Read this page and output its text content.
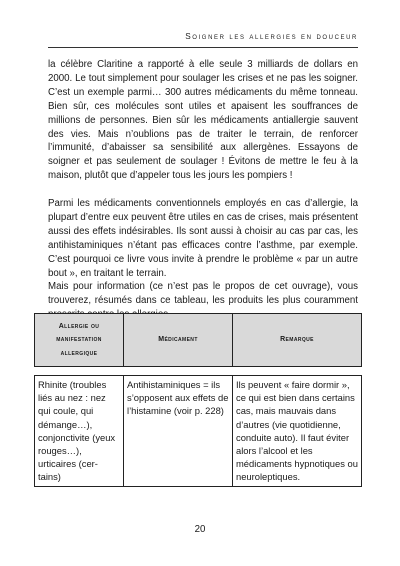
Soigner les allergies en douceur

la célèbre Claritine a rapporté à elle seule 3 milliards de dollars en 2000. Le tout simplement pour soulager les crises et ne pas les soigner. C’est un exemple parmi… 300 autres médicaments du même tonneau. Bien sûr, ces molécules sont utiles et apaisent les souffrances de millions de personnes. Bien sûr les médicaments antiallergie sauvent des vies. Mais n’oublions pas de traiter le terrain, de renforcer l’immunité, d’abaisser sa sensibilité aux allergènes. Essayons de soigner et pas seulement de soulager ! Évitons de mettre le feu à la maison, plutôt que d’appeler tous les jours les pompiers !

Parmi les médicaments conventionnels employés en cas d’allergie, la plupart d’entre eux peuvent être utiles en cas de crises, mais présentent aussi des effets indésirables. Ils sont aussi à choisir au cas par cas, les antihistaminiques n’étant pas efficaces contre l’asthme, par exemple. C’est pourquoi ce livre vous invite à prendre le problème « par un autre bout », en traitant le terrain.

Mais pour information (ce n’est pas le propos de cet ouvrage), vous trouverez, résumés dans ce tableau, les produits les plus couramment

Allergie ou manifestation allergique	Médicament	Remarque

Rhinite (troubles liés au nez : nez qui coule, qui démange…), conjonctivite (yeux rouges…), urticaires (cer-tains)	Antihistaminiques = ils s’opposent aux effets de l’histamine (voir p. 228)	Ils peuvent « faire dormir », ce qui est bien dans certains cas, mais mauvais dans d’autres (vie quotidienne, conduite auto). Il faut éviter alors l’alcool et les médicaments hypnotiques ou neuroleptiques.
20
